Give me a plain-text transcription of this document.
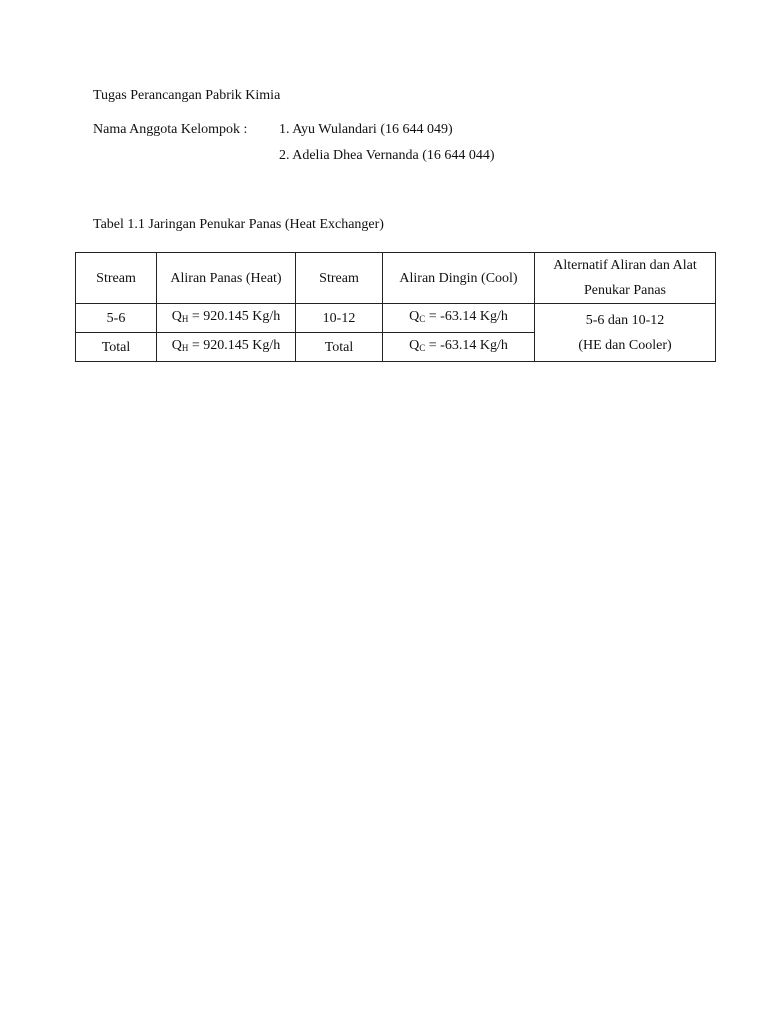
Tugas Perancangan Pabrik Kimia
Nama Anggota Kelompok : 1. Ayu Wulandari (16 644 049)
2. Adelia Dhea Vernanda (16 644 044)
Tabel 1.1 Jaringan Penukar Panas (Heat Exchanger)
Stream	Aliran Panas (Heat)	Stream	Aliran Dingin (Cool)	Alternatif Aliran dan Alat
Penukar Panas

5-6	$Q_H = 920.145$ Kg/h	10-12	$Q_C = -63.14$ Kg/h	5-6 dan 10-12
(HE dan Cooler)

Total	$Q_H = 920.145$ Kg/h	Total	$Q_C = -63.14$ Kg/h	
